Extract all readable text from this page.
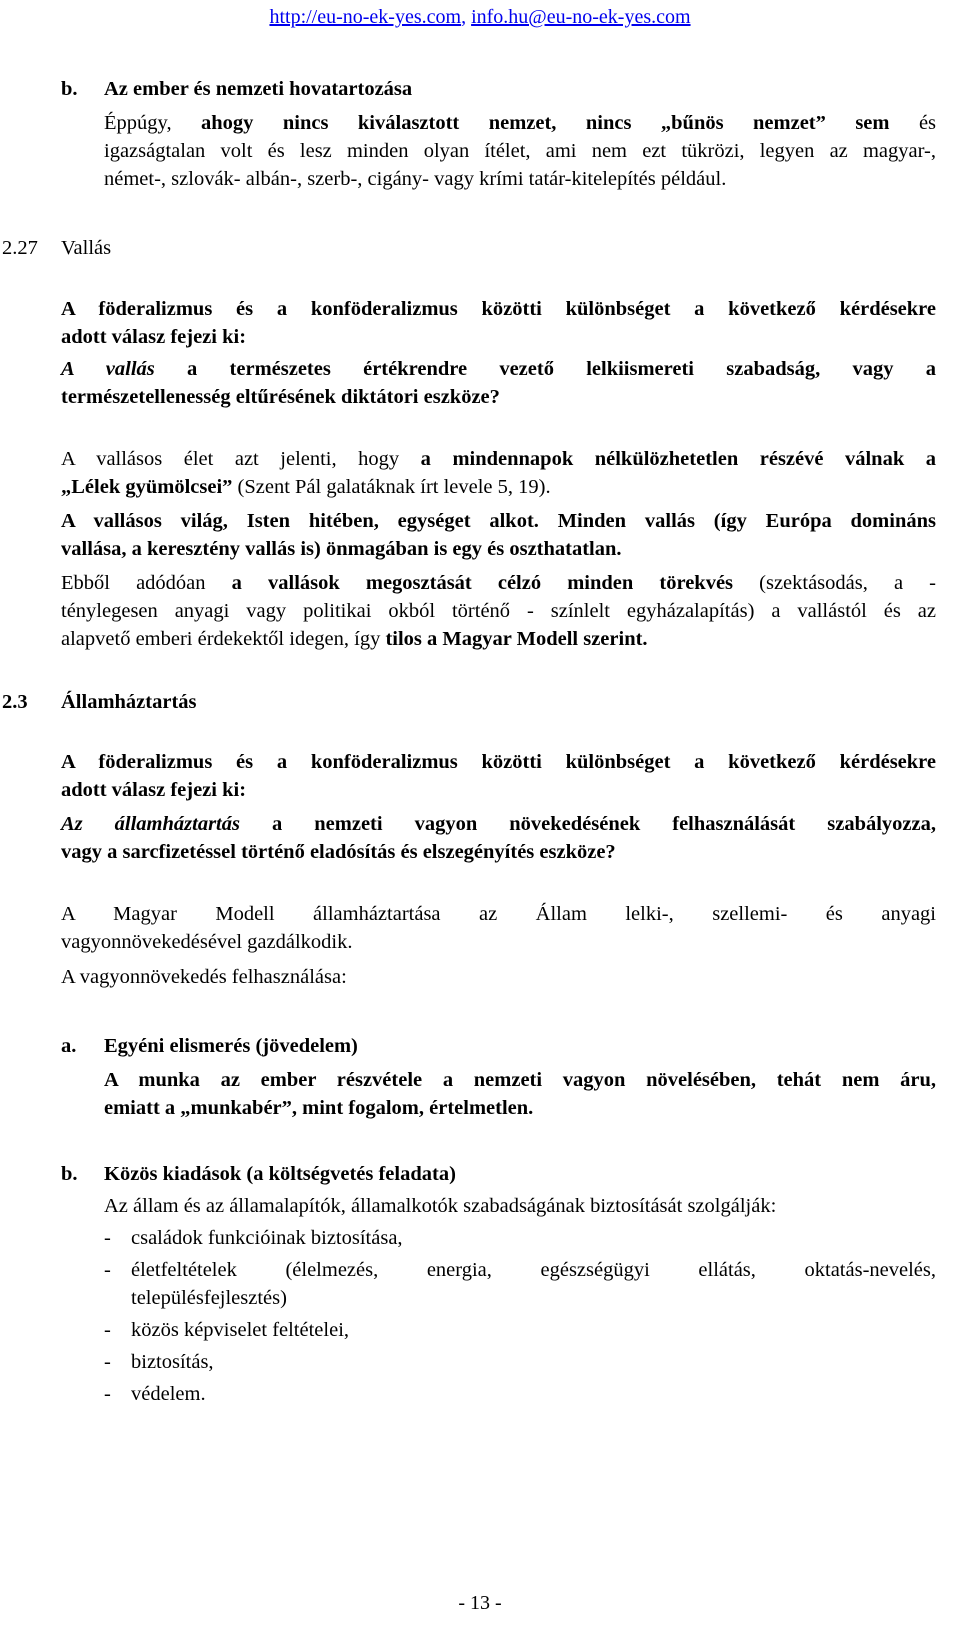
http://eu-no-ek-yes.com, info.hu@eu-no-ek-yes.com
b. Az ember és nemzeti hovatartozása
Éppúgy, ahogy nincs kiválasztott nemzet, nincs „bűnös nemzet” sem és
igazságtalan volt és lesz minden olyan ítélet, ami nem ezt tükrözi, legyen az magyar-,
német-, szlovák- albán-, szerb-, cigány- vagy krími tatár-kitelepítés például.
2.27 Vallás
A föderalizmus és a konföderalizmus közötti különbséget a következő kérdésekre
adott válasz fejezi ki:
A vallás a természetes értékrendre vezető lelkiismereti szabadság, vagy a
természetellenesség eltűrésének diktátori eszköze?
A vallásos élet azt jelenti, hogy a mindennapok nélkülözhetetlen részévé válnak a
„Lélek gyümölcsei” (Szent Pál galatáknak írt levele 5, 19).
A vallásos világ, Isten hitében, egységet alkot. Minden vallás (így Európa domináns
vallása, a keresztény vallás is) önmagában is egy és oszthatatlan.
Ebből adódóan a vallások megosztását célzó minden törekvés (szektásodás, a -
ténylegesen anyagi vagy politikai okból történő - színlelt egyházalapítás) a vallástól és az
alapvető emberi érdekektől idegen, így tilos a Magyar Modell szerint.
2.3 Államháztartás
A föderalizmus és a konföderalizmus közötti különbséget a következő kérdésekre
adott válasz fejezi ki:
Az államháztartás a nemzeti vagyon növekedésének felhasználását szabályozza,
vagy a sarcfizetéssel történő eladósítás és elszegényítés eszköze?
A Magyar Modell államháztartása az Állam lelki-, szellemi- és anyagi
vagyonnövekedésével gazdálkodik.
A vagyonnövekedés felhasználása:
a. Egyéni elismerés (jövedelem)
A munka az ember részvétele a nemzeti vagyon növelésében, tehát nem áru,
emiatt a „munkabér”, mint fogalom, értelmetlen.
b. Közös kiadások (a költségvetés feladata)
Az állam és az államalapítók, államalkotók szabadságának biztosítását szolgálják:
- családok funkcióinak biztosítása,
- életfeltételek (élelmezés, energia, egészségügyi ellátás, oktatás-nevelés,
településfejlesztés)
- közös képviselet feltételei,
- biztosítás,
- védelem.
- 13 -
